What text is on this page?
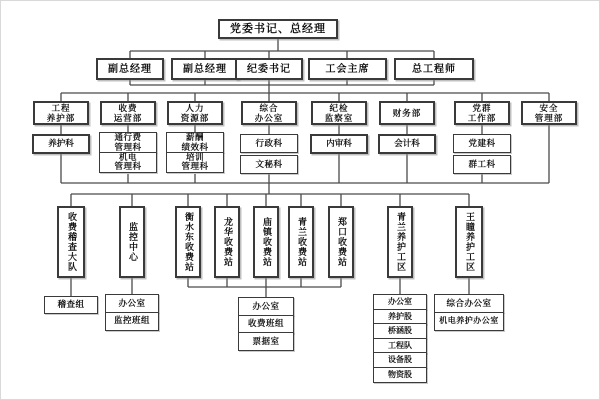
党委书记、总经理
副总经理	副总经理 纪委书记	工会主席	总工程师
工程
养护部
收费
运营部
人力
资源部
综合
办公室
纪检
监察室	财务部	党群
工作部
安全
管理部
养护科
通行费
管理科
机电
管理科
薪酬
绩效科
培训
管理科
行政科
文秘科
内审科	会计科	党建科
群工科
收费稽查大队	监控中心	衡水东收费站	龙华收费站	庙镇收费站	青兰收费站	郑口收费站	青兰养护工区	王瞳养护工区
稽查组	办公室
监控班组
办公室
收费班组
票据室
办公室
养护股
桥涵股
工程队
设备股
物资股
综合办公室
机电养护办公室
